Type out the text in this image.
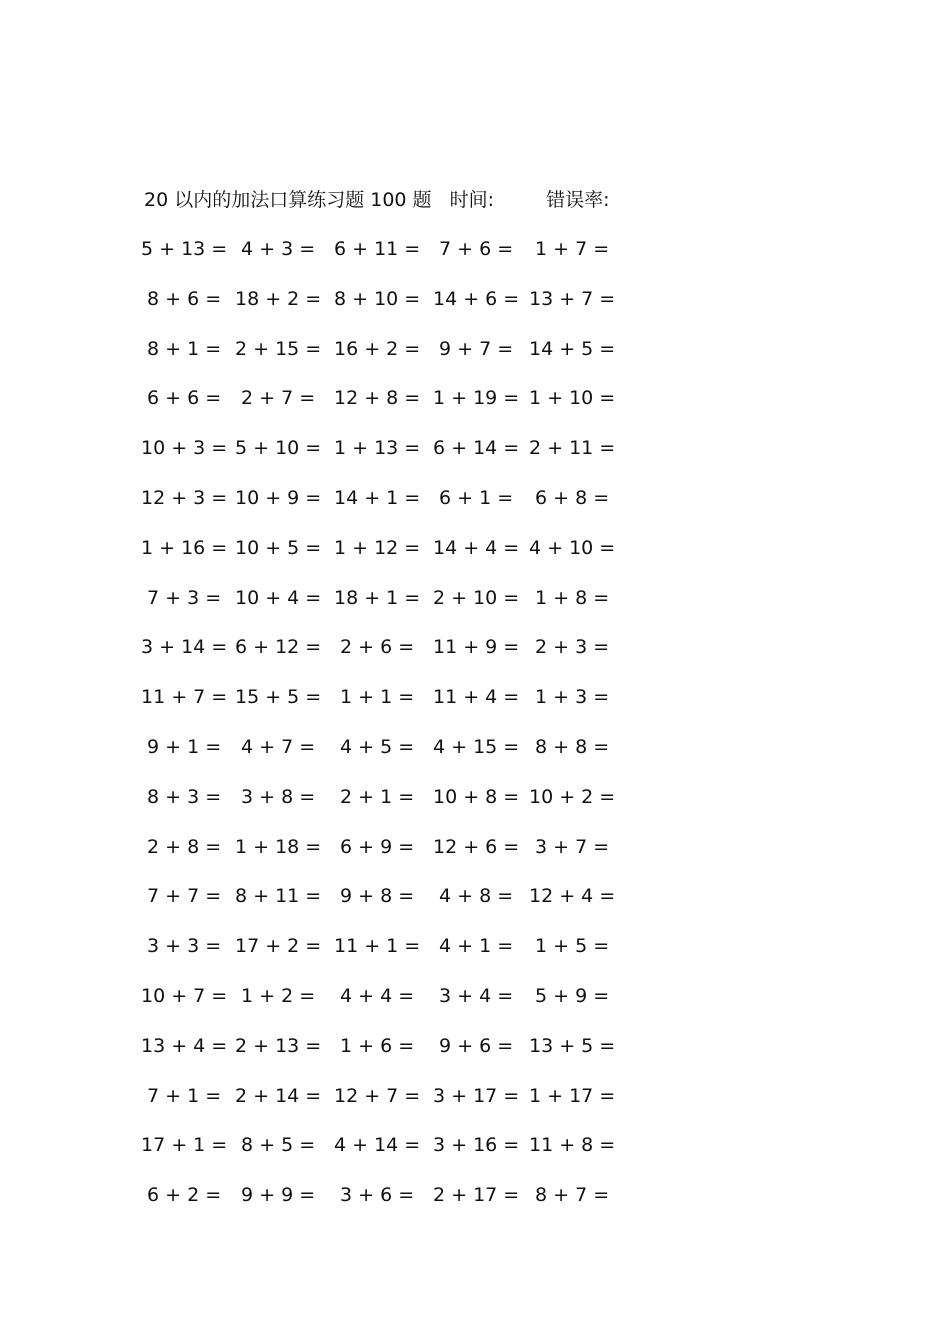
20 以内的加法口算练习题 100 题 时间:	错误率:
5 + 13 = 4 + 3 = 6 + 11 = 7 + 6 = 1 + 7 =
8 + 6 = 18 + 2 = 8 + 10 = 14 + 6 = 13 + 7 =
8 + 1 = 2 + 15 = 16 + 2 = 9 + 7 = 14 + 5 =
6 + 6 = 2 + 7 = 12 + 8 = 1 + 19 = 1 + 10 =
10 + 3 = 5 + 10 = 1 + 13 = 6 + 14 = 2 + 11 =
12 + 3 = 10 + 9 = 14 + 1 = 6 + 1 = 6 + 8 =
1 + 16 = 10 + 5 = 1 + 12 = 14 + 4 = 4 + 10 =
7 + 3 = 10 + 4 = 18 + 1 = 2 + 10 = 1 + 8 =
3 + 14 = 6 + 12 = 2 + 6 = 11 + 9 = 2 + 3 =
11 + 7 = 15 + 5 = 1 + 1 = 11 + 4 = 1 + 3 =
9 + 1 = 4 + 7 = 4 + 5 = 4 + 15 = 8 + 8 =
8 + 3 = 3 + 8 = 2 + 1 = 10 + 8 = 10 + 2 =
2 + 8 = 1 + 18 = 6 + 9 = 12 + 6 = 3 + 7 =
7 + 7 = 8 + 11 = 9 + 8 = 4 + 8 = 12 + 4 =
3 + 3 = 17 + 2 = 11 + 1 = 4 + 1 = 1 + 5 =
10 + 7 = 1 + 2 = 4 + 4 = 3 + 4 = 5 + 9 =
13 + 4 = 2 + 13 = 1 + 6 = 9 + 6 = 13 + 5 =
7 + 1 = 2 + 14 = 12 + 7 = 3 + 17 = 1 + 17 =
17 + 1 = 8 + 5 = 4 + 14 = 3 + 16 = 11 + 8 =
6 + 2 = 9 + 9 = 3 + 6 = 2 + 17 = 8 + 7 =
